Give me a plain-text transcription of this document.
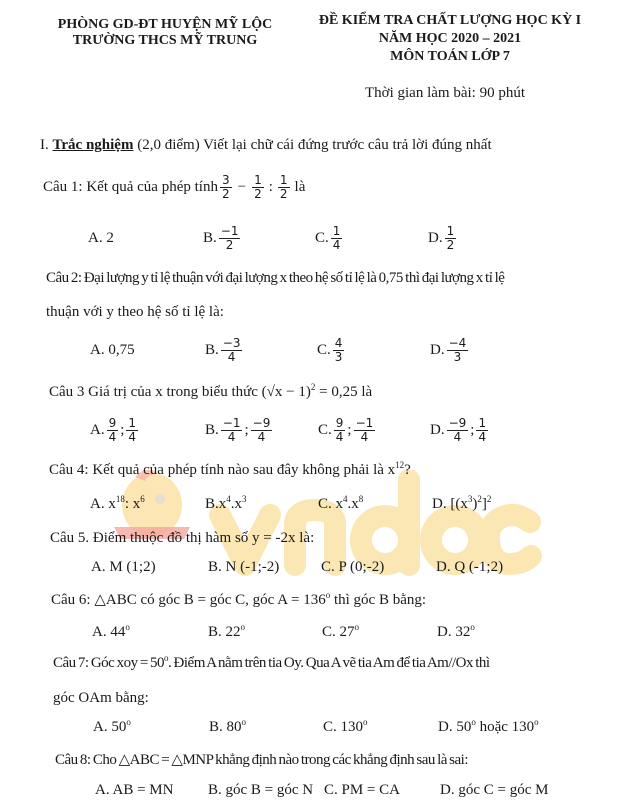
PHÒNG GD-ĐT HUYỆN MỸ LỘC
TRƯỜNG THCS MỸ TRUNG
ĐỀ KIỂM TRA CHẤT LƯỢNG HỌC KỲ I
NĂM HỌC 2020 – 2021
MÔN TOÁN LỚP 7
Thời gian làm bài: 90 phút
I. Trắc nghiệm (2,0 điểm) Viết lại chữ cái đứng trước câu trả lời đúng nhất
Câu 1: Kết quả của phép tính $\frac{3}{2} - \frac{1}{2}$ : $\frac{1}{2}$ là
A.
2	B. $\frac{-1}{2}$	C. $\frac{1}{4}$	D. $\frac{1}{2}$
Câu 2: Đại lượng y tỉ lệ thuận với đại lượng x theo hệ số tỉ lệ là 0,75 thì đại lượng x tỉ lệ
thuận với y theo hệ số tỉ lệ là:
A.
0,75	B. $\frac{-3}{4}$	C. $\frac{4}{3}$	D. $\frac{-4}{3}$
Câu 3 Giá trị của x trong biểu thức $(√x - 1)^2 = 0,25$ là
A. $\frac{9}{4}$ ; $\frac{1}{4}$	B. $\frac{-1}{4}$ ; $\frac{-9}{4}$	C. $\frac{9}{4}$ ; $\frac{-1}{4}$	D. $\frac{-9}{4}$ ; $\frac{1}{4}$
Câu 4: Kết quả của phép tính nào sau đây không phải là $x^{12}$?
A. $x^{18}$: $x^6$	$B.x^4.x^3$	C. $x^4.x^8$	D. $[(x^3)^2]^2$
Câu 5. Điểm thuộc đồ thị hàm số y = -2x là:
A. M (1;2)	B. N (-1;-2)	C. P (0;-2)	D. Q (-1;2)
Câu 6: △ABC có góc B = góc C, góc $A = 136^o$ thì góc B bằng:
A. 44$^o$	B. 22$^o$	C. 27$^o$	D. 32$^o$
Câu 7: Góc xoy = $50^o$. Điểm A nằm trên tia Oy. Qua A vẽ tia Am để tia Am//Ox thì
góc OAm bằng:
A. 50$^o$	B. 80$^o$	C. 130$^o$	D. 50$^o$ hoặc 130$^o$
Câu 8: Cho △ABC = △MNP khẳng định nào trong các khẳng định sau là sai:
A. AB = MN B. góc B = góc N C. PM = CA	D. góc C = góc M
